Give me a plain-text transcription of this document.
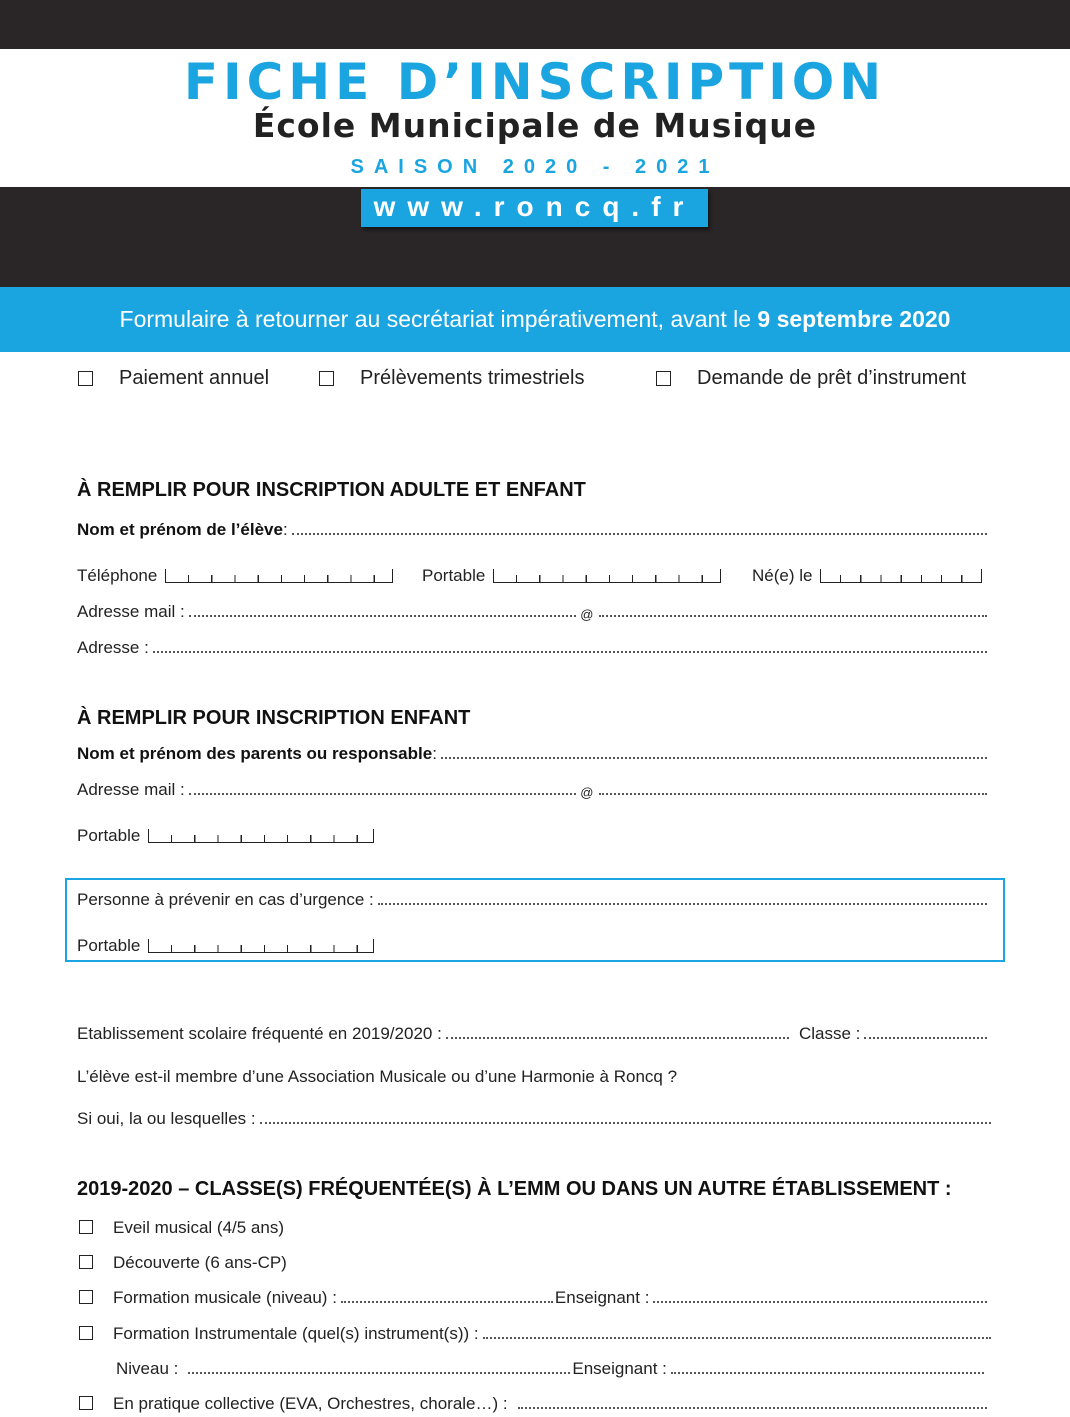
FICHE D’INSCRIPTION
École Municipale de Musique
SAISON 2020 - 2021
www.roncq.fr
Formulaire à retourner au secrétariat impérativement, avant le 9 septembre 2020
Paiement annuel	Prélèvements trimestriels	Demande de prêt d’instrument
À REMPLIR POUR INSCRIPTION ADULTE ET ENFANT
Nom et prénom de l’élève :
Téléphone	Portable	Né(e) le
Adresse mail :	@
Adresse :
À REMPLIR POUR INSCRIPTION ENFANT
Nom et prénom des parents ou responsable :
Adresse mail :	@
Portable
Personne à prévenir en cas d’urgence :
Portable
Etablissement scolaire fréquenté en 2019/2020 :	Classe :
L’élève est-il membre d’une Association Musicale ou d’une Harmonie à Roncq ?
Si oui, la ou lesquelles :
2019-2020 – CLASSE(S) FRÉQUENTÉE(S) À L’EMM OU DANS UN AUTRE ÉTABLISSEMENT :
Eveil musical (4/5 ans)
Découverte (6 ans-CP)
Formation musicale (niveau) :	Enseignant :
Formation Instrumentale (quel(s) instrument(s)) :
Niveau :	Enseignant :
En pratique collective (EVA, Orchestres, chorale…) :
